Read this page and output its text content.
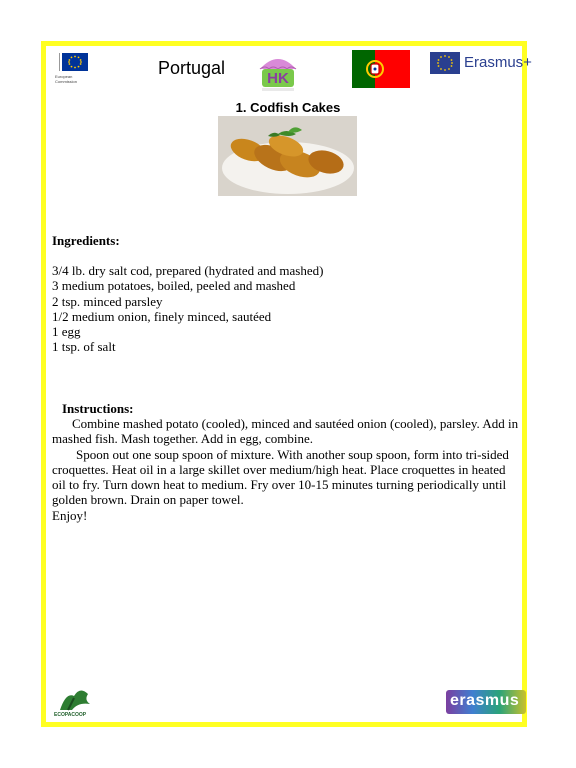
European Commission
Portugal
HK
Erasmus+
1. Codfish Cakes
Ingredients:
3/4 lb. dry salt cod, prepared (hydrated and mashed)
3 medium potatoes, boiled, peeled and mashed
2 tsp. minced parsley
1/2 medium onion, finely minced, sautéed
1 egg
1 tsp. of salt
Instructions:

Combine mashed potato (cooled), minced and sautéed onion (cooled), parsley. Add in mashed fish. Mash together. Add in egg, combine.

Spoon out one soup spoon of mixture. With another soup spoon, form into tri-sided croquettes. Heat oil in a large skillet over medium/high heat. Place croquettes in heated oil to fry. Turn down heat to medium. Fry over 10-15 minutes turning periodically until golden brown. Drain on paper towel.

Enjoy!

ECOPACOOP
erasmus
